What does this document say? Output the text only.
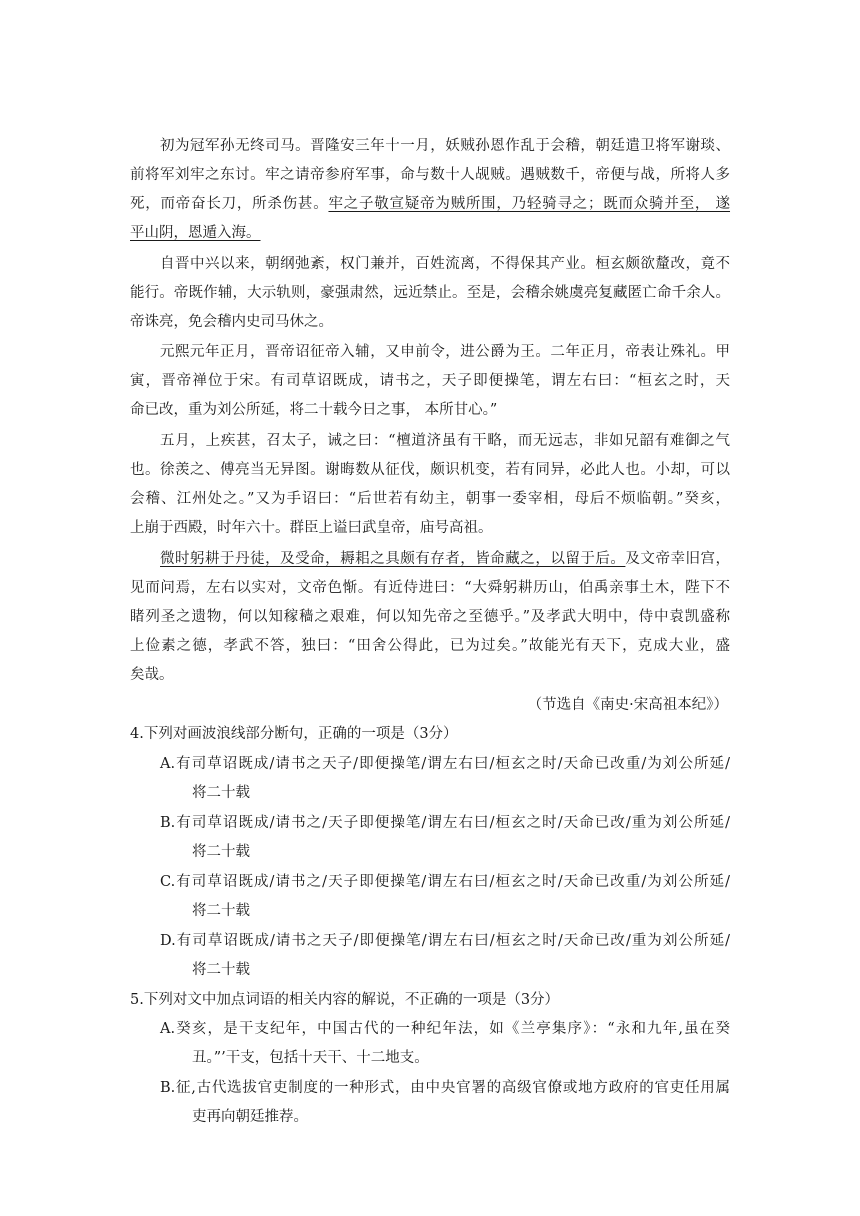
初为冠军孙无终司马。晋隆安三年十一月，妖贼孙恩作乱于会稽，朝廷遣卫将军谢琰、
前将军刘牢之东讨。牢之请帝参府军事，命与数十人觇贼。遇贼数千，帝便与战，所将人多
死，而帝奋长刀，所杀伤甚。牢之子敬宣疑帝为贼所围，乃轻骑寻之；既而众骑并至， 遂
平山阴，恩遁入海。
自晋中兴以来，朝纲弛紊，权门兼并，百姓流离，不得保其产业。桓玄颇欲釐改，竟不
能行。帝既作辅，大示轨则，豪强肃然，远近禁止。至是，会稽余姚虞亮复藏匿亡命千余人。
帝诛亮，免会稽内史司马休之。
元熙元年正月，晋帝诏征帝入辅，又申前令，进公爵为王。二年正月，帝表让殊礼。甲
寅，晋帝禅位于宋。有司草诏既成，请书之，天子即便操笔，谓左右曰：“桓玄之时，天
命已改，重为刘公所延，将二十载今日之事， 本所甘心。”
五月，上疾甚，召太子，诫之曰：“檀道济虽有干略，而无远志，非如兄韶有难御之气
也。徐羡之、傅亮当无异图。谢晦数从征伐，颇识机变，若有同异，必此人也。小却，可以
会稽、江州处之。”又为手诏曰：“后世若有幼主，朝事一委宰相，母后不烦临朝。”癸亥，
上崩于西殿，时年六十。群臣上谥曰武皇帝，庙号高祖。
微时躬耕于丹徒，及受命，耨耜之具颇有存者，皆命藏之，以留于后。及文帝幸旧宫，
见而问焉，左右以实对，文帝色惭。有近侍进曰：“大舜躬耕历山，伯禹亲事土木，陛下不
睹列圣之遗物，何以知稼穑之艰难，何以知先帝之至德乎。”及孝武大明中，侍中袁凯盛称
上俭素之德，孝武不答，独曰：“田舍公得此，已为过矣。”故能光有天下，克成大业，盛
矣哉。
（节选自《南史·宋高祖本纪》）
4.下列对画波浪线部分断句，正确的一项是（3分）
A.有司草诏既成/请书之天子/即便操笔/谓左右曰/桓玄之时/天命已改重/为刘公所延/
将二十载
B.有司草诏既成/请书之/天子即便操笔/谓左右曰/桓玄之时/天命已改/重为刘公所延/
将二十载
C.有司草诏既成/请书之/天子即便操笔/谓左右曰/桓玄之时/天命已改重/为刘公所延/
将二十载
D.有司草诏既成/请书之天子/即便操笔/谓左右曰/桓玄之时/天命已改/重为刘公所延/
将二十载
5.下列对文中加点词语的相关内容的解说，不正确的一项是（3分）
A.癸亥，是干支纪年，中国古代的一种纪年法，如《兰亭集序》：“永和九年,虽在癸
丑。”’干支，包括十天干、十二地支。
B.征,古代选拔官吏制度的一种形式，由中央官署的高级官僚或地方政府的官吏任用属
吏再向朝廷推荐。
